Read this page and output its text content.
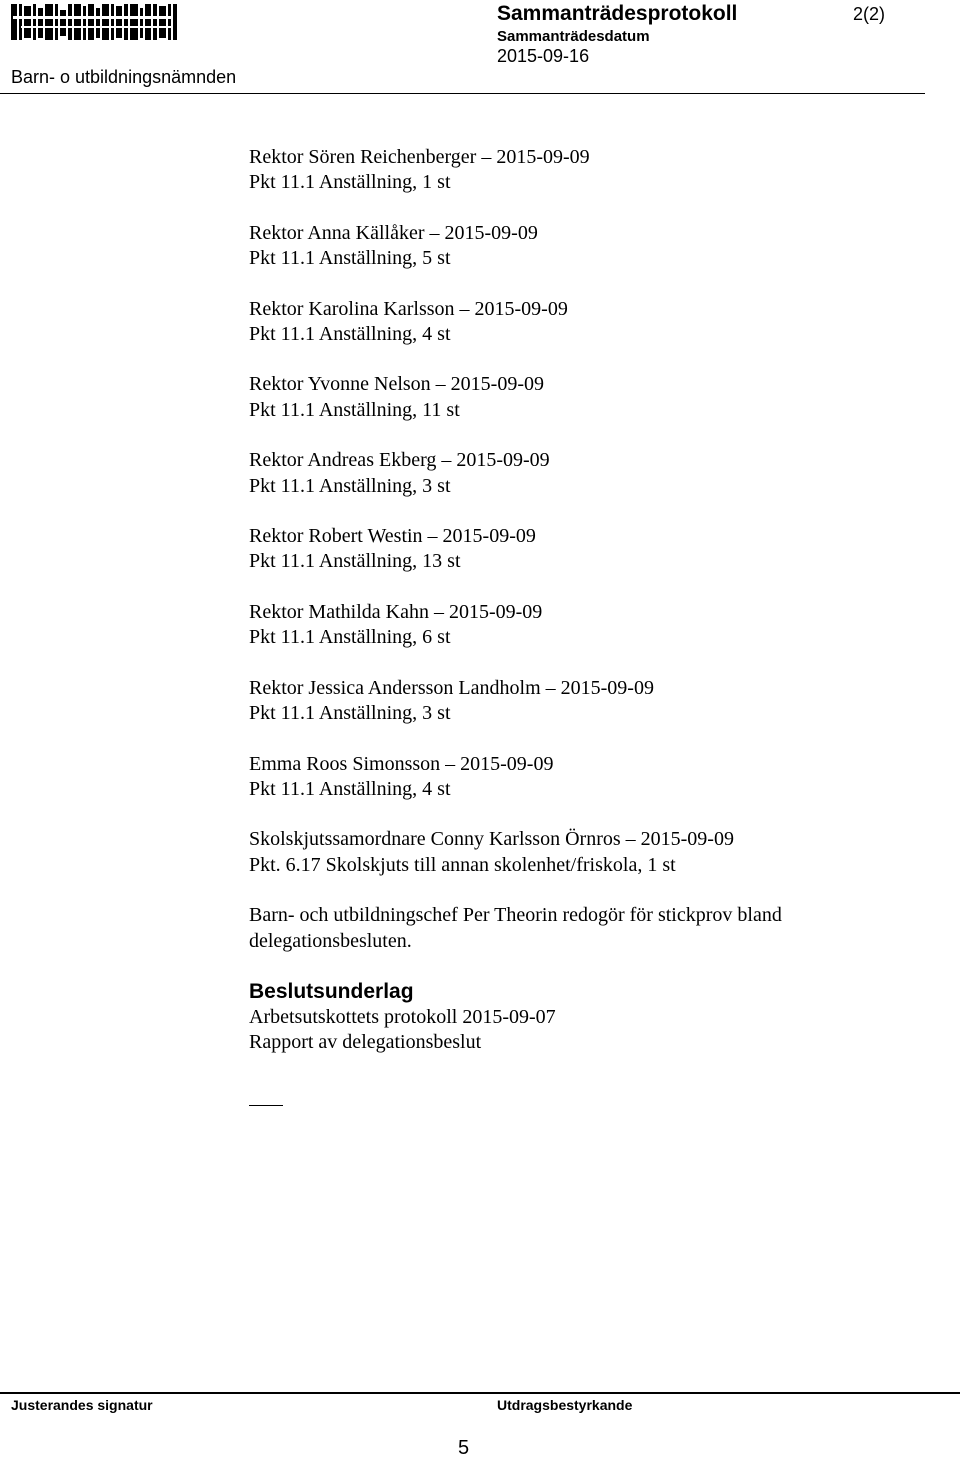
Sammanträdesprotokoll	2(2)
Sammanträdesdatum
2015-09-16
Barn- o utbildningsnämnden
Rektor Sören Reichenberger – 2015-09-09
Pkt 11.1 Anställning, 1 st
Rektor Anna Källåker – 2015-09-09
Pkt 11.1 Anställning, 5 st
Rektor Karolina Karlsson – 2015-09-09
Pkt 11.1 Anställning, 4 st
Rektor Yvonne Nelson – 2015-09-09
Pkt 11.1 Anställning, 11 st
Rektor Andreas Ekberg – 2015-09-09
Pkt 11.1 Anställning, 3 st
Rektor Robert Westin – 2015-09-09
Pkt 11.1 Anställning, 13 st
Rektor Mathilda Kahn – 2015-09-09
Pkt 11.1 Anställning, 6 st
Rektor Jessica Andersson Landholm – 2015-09-09
Pkt 11.1 Anställning, 3 st
Emma Roos Simonsson – 2015-09-09
Pkt 11.1 Anställning, 4 st
Skolskjutssamordnare Conny Karlsson Örnros – 2015-09-09
Pkt. 6.17 Skolskjuts till annan skolenhet/friskola, 1 st
Barn- och utbildningschef Per Theorin redogör för stickprov bland delegationsbesluten.
Beslutsunderlag
Arbetsutskottets protokoll 2015-09-07
Rapport av delegationsbeslut
Justerandes signatur	Utdragsbestyrkande
5
